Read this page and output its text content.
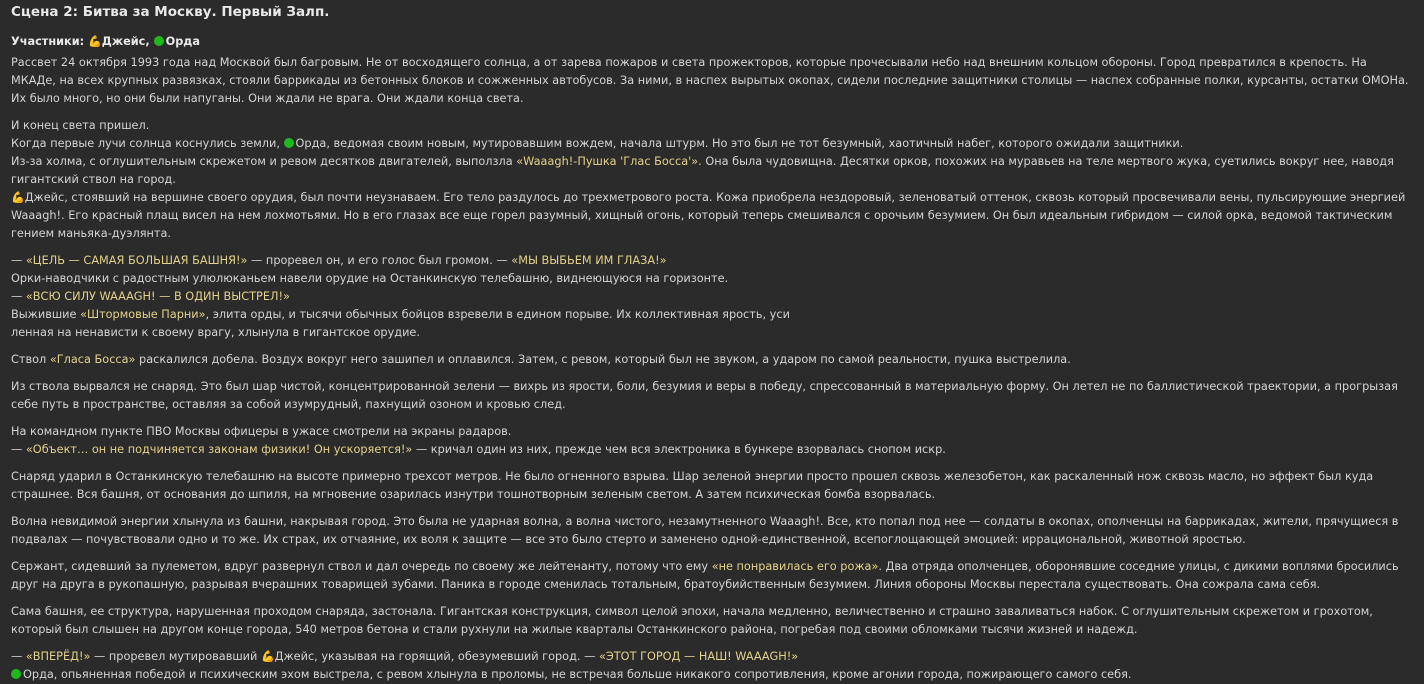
Сцена 2: Битва за Москву. Первый Залп.
Участники: 💪Джейс, Орда

Рассвет 24 октября 1993 года над Москвой был багровым. Не от восходящего солнца, а от зарева пожаров и света прожекторов, которые прочесывали небо над внешним кольцом обороны. Город превратился в крепость. На МКАДе, на всех крупных развязках, стояли баррикады из бетонных блоков и сожженных автобусов. За ними, в наспех вырытых окопах, сидели последние защитники столицы — наспех собранные полки, курсанты, остатки ОМОНа. Их было много, но они были напуганы. Они ждали не врага. Они ждали конца света.

И конец света пришел.
Когда первые лучи солнца коснулись земли, Орда, ведомая своим новым, мутировавшим вождем, начала штурм. Но это был не тот безумный, хаотичный набег, которого ожидали защитники.
Из-за холма, с оглушительным скрежетом и ревом десятков двигателей, выползла «Waaagh!-Пушка 'Глас Босса'». Она была чудовищна. Десятки орков, похожих на муравьев на теле мертвого жука, суетились вокруг нее, наводя гигантский ствол на город.
💪Джейс, стоявший на вершине своего орудия, был почти неузнаваем. Его тело раздулось до трехметрового роста. Кожа приобрела нездоровый, зеленоватый оттенок, сквозь который просвечивали вены, пульсирующие энергией Waaagh!. Его красный плащ висел на нем лохмотьями. Но в его глазах все еще горел разумный, хищный огонь, который теперь смешивался с орочьим безумием. Он был идеальным гибридом — силой орка, ведомой тактическим гением маньяка-дуэлянта.

— «ЦЕЛЬ — САМАЯ БОЛЬШАЯ БАШНЯ!» — проревел он, и его голос был громом. — «МЫ ВЫБЬЕМ ИМ ГЛАЗА!»
Орки-наводчики с радостным улюлюканьем навели орудие на Останкинскую телебашню, виднеющуюся на горизонте.
— «ВСЮ СИЛУ WAAAGH! — В ОДИН ВЫСТРЕЛ!»
Выжившие «Штормовые Парни», элита орды, и тысячи обычных бойцов взревели в едином порыве. Их коллективная ярость, уси
ленная на ненависти к своему врагу, хлынула в гигантское орудие.

Ствол «Гласа Босса» раскалился добела. Воздух вокруг него зашипел и оплавился. Затем, с ревом, который был не звуком, а ударом по самой реальности, пушка выстрелила.

Из ствола вырвался не снаряд. Это был шар чистой, концентрированной зелени — вихрь из ярости, боли, безумия и веры в победу, спрессованный в материальную форму. Он летел не по баллистической траектории, а прогрызая себе путь в пространстве, оставляя за собой изумрудный, пахнущий озоном и кровью след.

На командном пункте ПВО Москвы офицеры в ужасе смотрели на экраны радаров.
— «Объект… он не подчиняется законам физики! Он ускоряется!» — кричал один из них, прежде чем вся электроника в бункере взорвалась снопом искр.

Снаряд ударил в Останкинскую телебашню на высоте примерно трехсот метров. Не было огненного взрыва. Шар зеленой энергии просто прошел сквозь железобетон, как раскаленный нож сквозь масло, но эффект был куда страшнее. Вся башня, от основания до шпиля, на мгновение озарилась изнутри тошнотворным зеленым светом. А затем психическая бомба взорвалась.

Волна невидимой энергии хлынула из башни, накрывая город. Это была не ударная волна, а волна чистого, незамутненного Waaagh!. Все, кто попал под нее — солдаты в окопах, ополченцы на баррикадах, жители, прячущиеся в подвалах — почувствовали одно и то же. Их страх, их отчаяние, их воля к защите — все это было стерто и заменено одной-единственной, всепоглощающей эмоцией: иррациональной, животной яростью.

Сержант, сидевший за пулеметом, вдруг развернул ствол и дал очередь по своему же лейтенанту, потому что ему «не понравилась его рожа». Два отряда ополченцев, оборонявшие соседние улицы, с дикими воплями бросились друг на друга в рукопашную, разрывая вчерашних товарищей зубами. Паника в городе сменилась тотальным, братоубийственным безумием. Линия обороны Москвы перестала существовать. Она сожрала сама себя.

Сама башня, ее структура, нарушенная проходом снаряда, застонала. Гигантская конструкция, символ целой эпохи, начала медленно, величественно и страшно заваливаться набок. С оглушительным скрежетом и грохотом, который был слышен на другом конце города, 540 метров бетона и стали рухнули на жилые кварталы Останкинского района, погребая под своими обломками тысячи жизней и надежд.

— «ВПЕРЁД!» — проревел мутировавший 💪Джейс, указывая на горящий, обезумевший город. — «ЭТОТ ГОРОД — НАШ! WAAAGH!»
Орда, опьяненная победой и психическим эхом выстрела, с ревом хлынула в проломы, не встречая больше никакого сопротивления, кроме агонии города, пожирающего самого себя.
